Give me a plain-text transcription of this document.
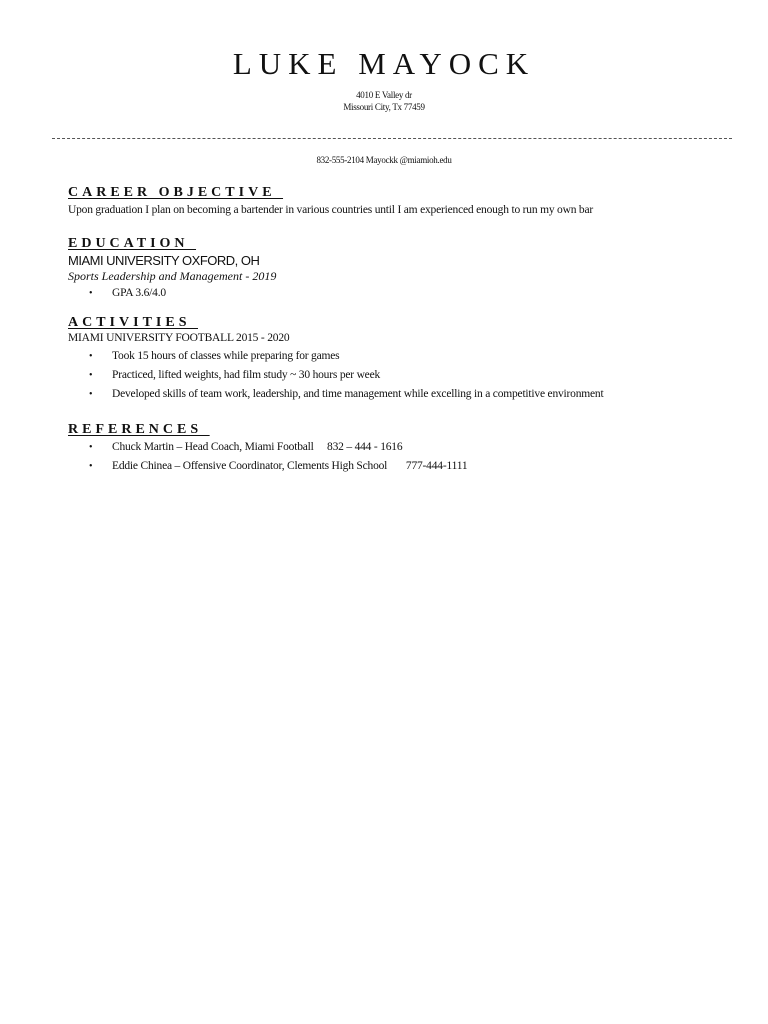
LUKE MAYOCK
4010 E Valley dr
Missouri City, Tx 77459
832-555-2104 Mayockk @miamioh.edu
CAREER OBJECTIVE
Upon graduation I plan on becoming a bartender in various countries until I am experienced enough to run my own bar
EDUCATION
MIAMI UNIVERSITY OXFORD, OH
Sports Leadership and Management - 2019
• GPA 3.6/4.0
ACTIVITIES
MIAMI UNIVERSITY FOOTBALL 2015 - 2020
• Took 15 hours of classes while preparing for games
• Practiced, lifted weights, had film study ~ 30 hours per week
• Developed skills of team work, leadership, and time management while excelling in a competitive environment
REFERENCES
• Chuck Martin – Head Coach, Miami Football     832 – 444 - 1616
• Eddie Chinea – Offensive Coordinator, Clements High School       777-444-1111
